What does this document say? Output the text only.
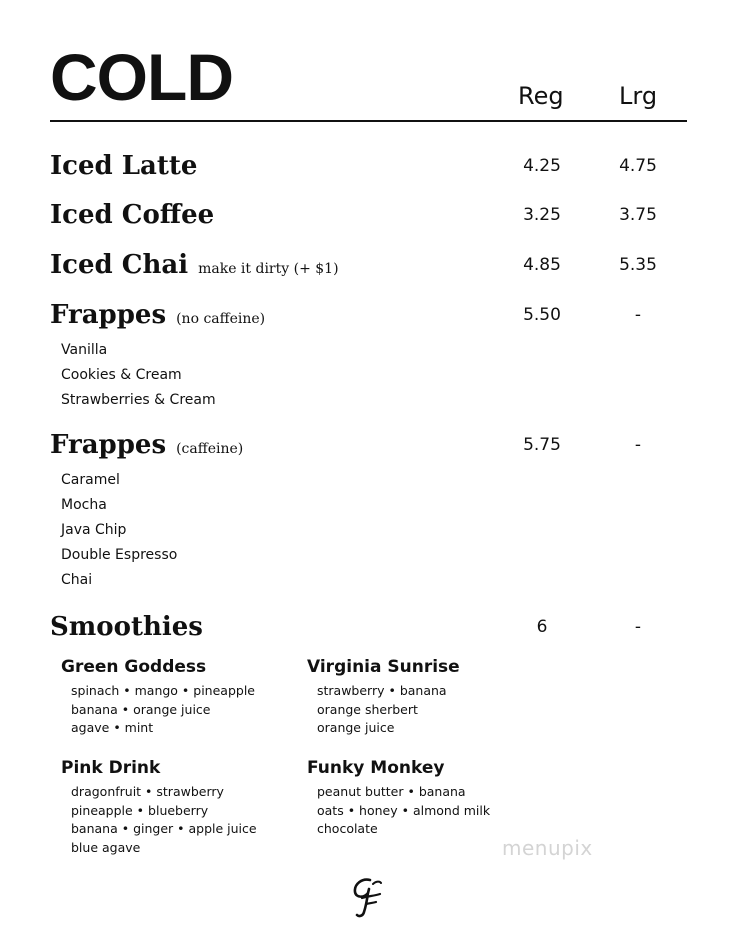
COLD	Reg Lrg
Iced Latte	4.25	4.75
Iced Coffee	3.25	3.75
Iced Chai make it dirty (+ $1)	4.85	5.35
Frappes (no caffeine)	5.50	-
Vanilla
Cookies & Cream
Strawberries & Cream
Frappes (caffeine)	5.75	-
Caramel
Mocha
Java Chip
Double Espresso
Chai
Smoothies	6	-
Green Goddess
spinach • mango • pineapple
banana • orange juice
agave • mint
Virginia Sunrise
strawberry • banana
orange sherbert
orange juice
Pink Drink
dragonfruit • strawberry
pineapple • blueberry
banana • ginger • apple juice
blue agave
Funky Monkey
peanut butter • banana
oats • honey • almond milk
chocolate
menupix
